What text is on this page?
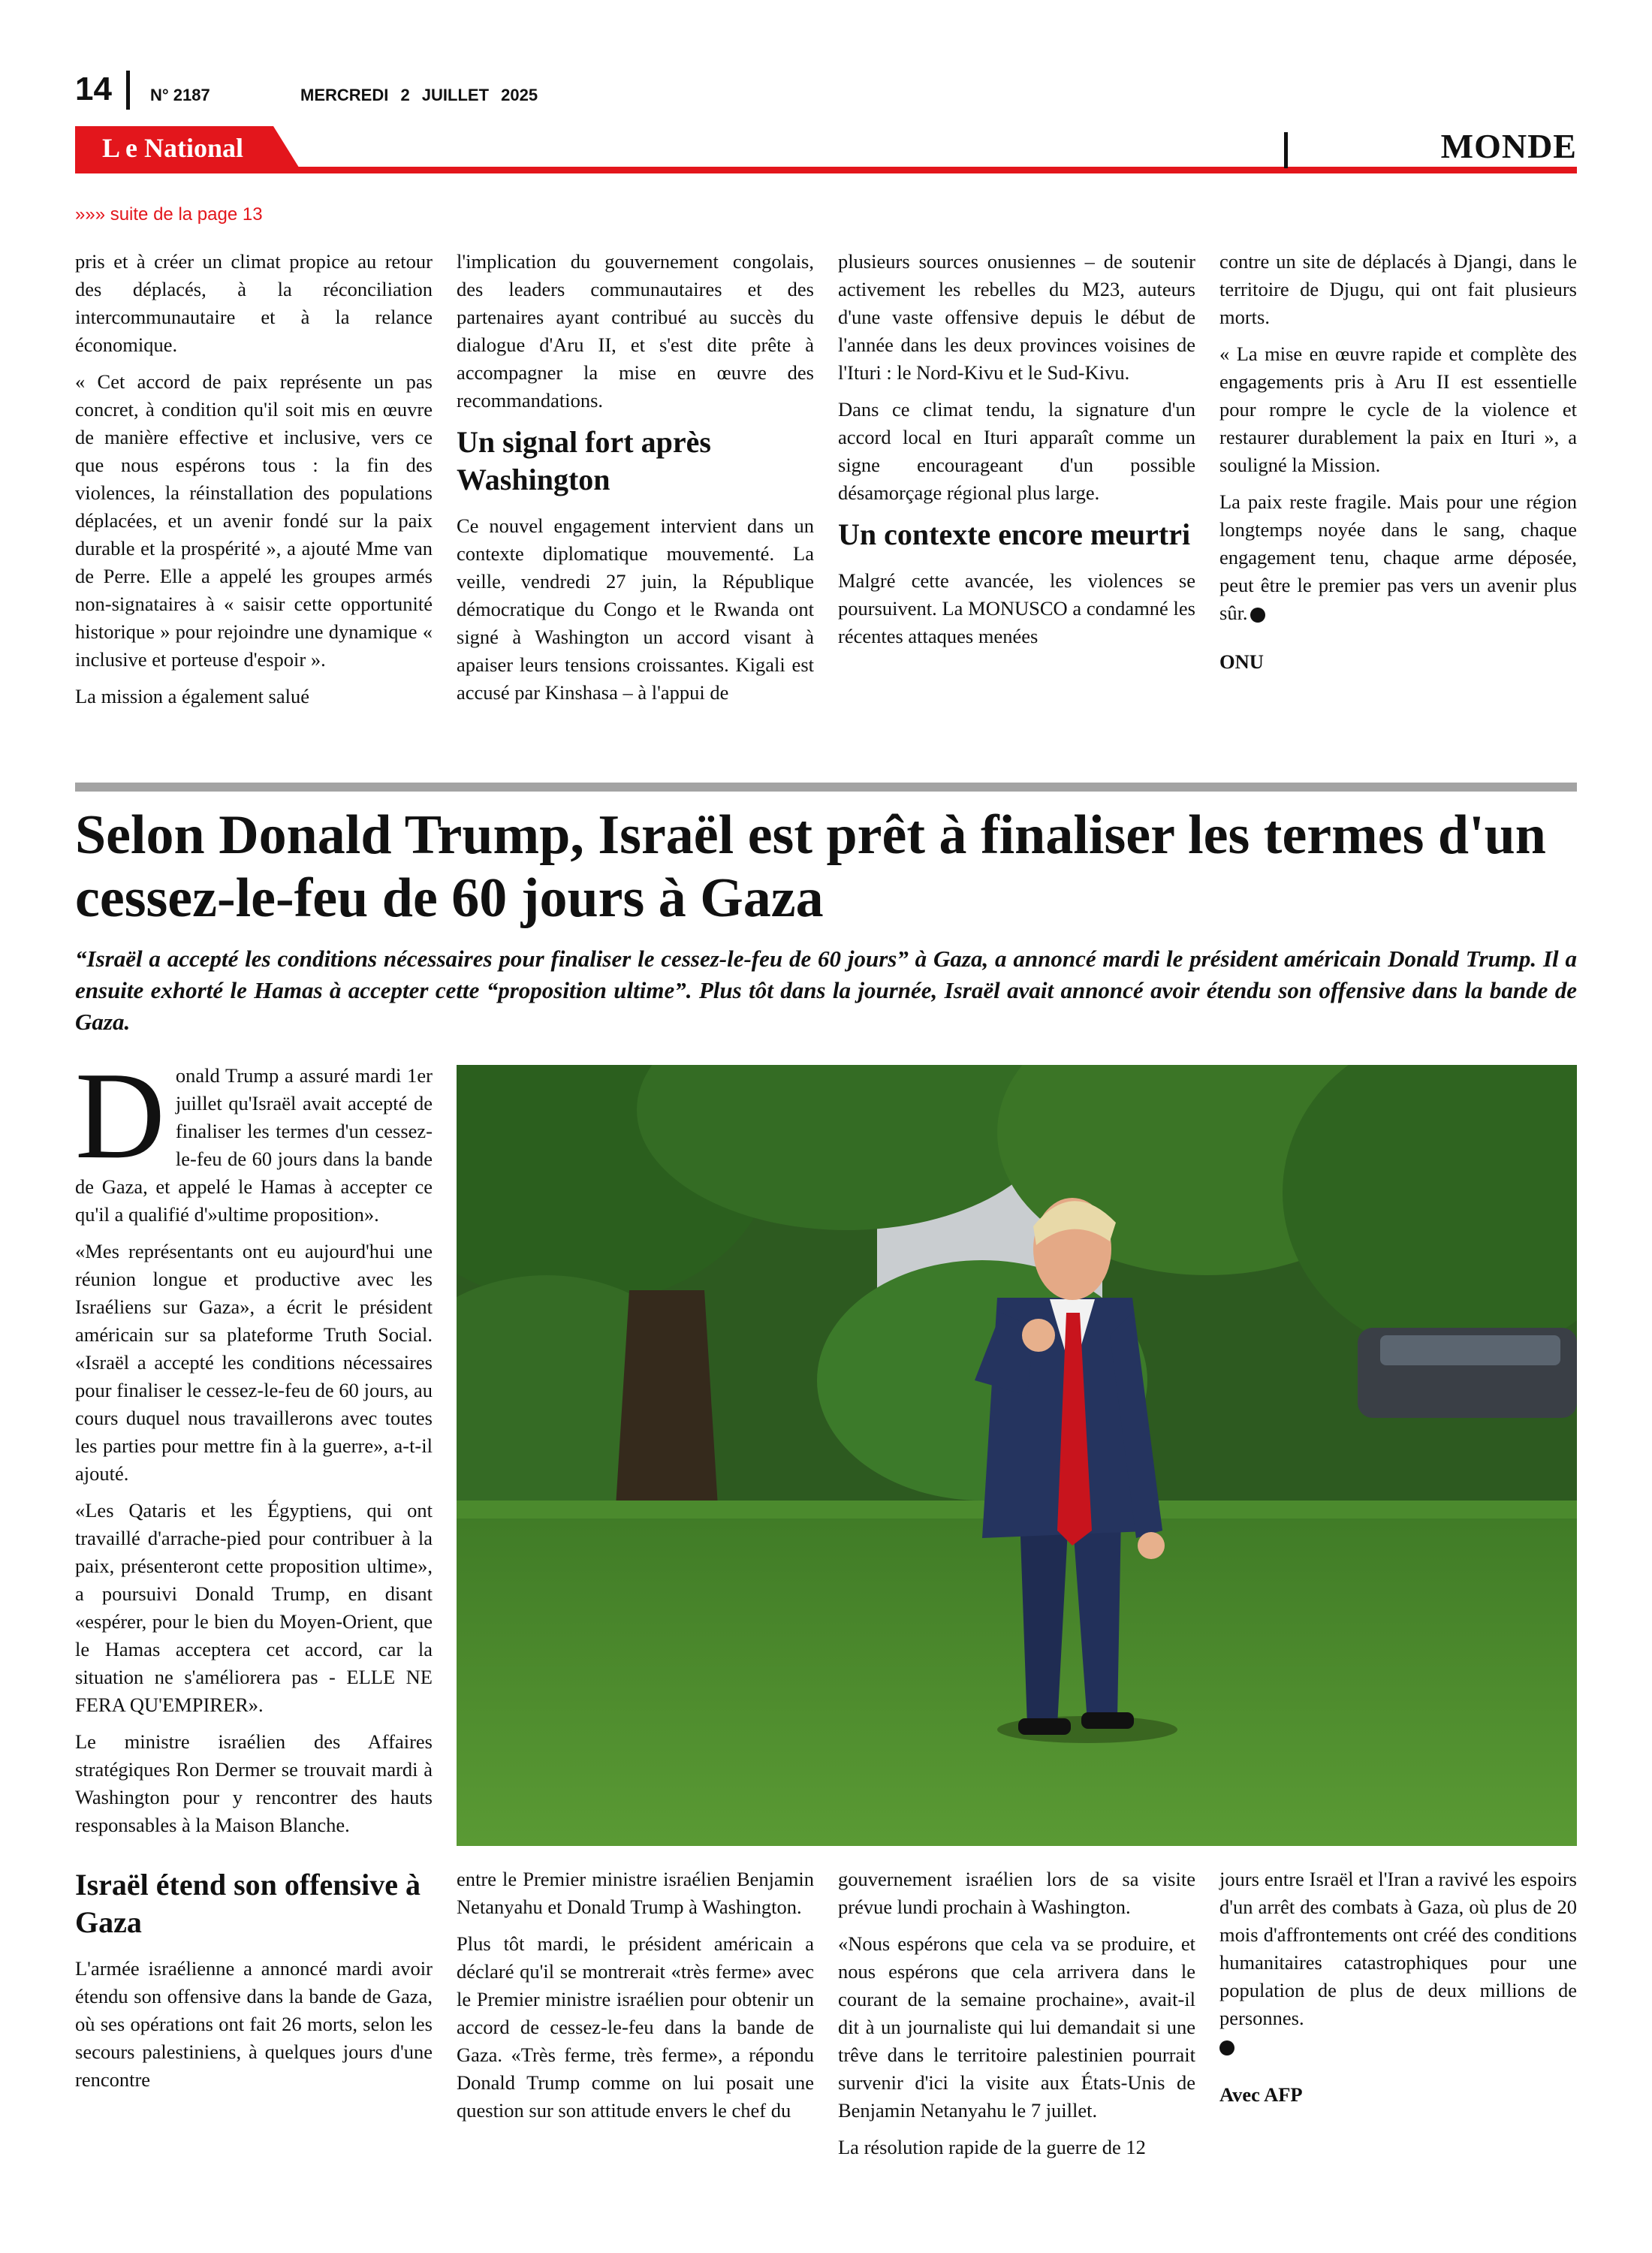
14 N° 2187	MERCREDI 2 JUILLET 2025
L e National	MONDE
»»» suite de la page 13

pris et à créer un climat propice au retour des déplacés, à la réconciliation intercommunautaire et à la relance économique.

« Cet accord de paix représente un pas concret, à condition qu'il soit mis en œuvre de manière effective et inclusive, vers ce que nous espérons tous : la fin des violences, la réinstallation des populations déplacées, et un avenir fondé sur la paix durable et la prospérité », a ajouté Mme van de Perre. Elle a appelé les groupes armés non-signataires à « saisir cette opportunité historique » pour rejoindre une dynamique « inclusive et porteuse d'espoir ».

La mission a également salué

l'implication du gouvernement congolais, des leaders communautaires et des partenaires ayant contribué au succès du dialogue d'Aru II, et s'est dite prête à accompagner la mise en œuvre des recommandations.

Un signal fort après Washington

Ce nouvel engagement intervient dans un contexte diplomatique mouvementé. La veille, vendredi 27 juin, la République démocratique du Congo et le Rwanda ont signé à Washington un accord visant à apaiser leurs tensions croissantes. Kigali est accusé par Kinshasa – à l'appui de

plusieurs sources onusiennes – de soutenir activement les rebelles du M23, auteurs d'une vaste offensive depuis le début de l'année dans les deux provinces voisines de l'Ituri : le Nord-Kivu et le Sud-Kivu.

Dans ce climat tendu, la signature d'un accord local en Ituri apparaît comme un signe encourageant d'un possible désamorçage régional plus large.

Un contexte encore meurtri

Malgré cette avancée, les violences se poursuivent. La MONUSCO a condamné les récentes attaques menées

contre un site de déplacés à Djangi, dans le territoire de Djugu, qui ont fait plusieurs morts.

« La mise en œuvre rapide et complète des engagements pris à Aru II est essentielle pour rompre le cycle de la violence et restaurer durablement la paix en Ituri », a souligné la Mission.

La paix reste fragile. Mais pour une région longtemps noyée dans le sang, chaque engagement tenu, chaque arme déposée, peut être le premier pas vers un avenir plus sûr.

ONU

Selon Donald Trump, Israël est prêt à finaliser les termes d'un cessez-le-feu de 60 jours à Gaza
“Israël a accepté les conditions nécessaires pour finaliser le cessez-le-feu de 60 jours” à Gaza, a annoncé mardi le président américain Donald Trump. Il a ensuite exhorté le Hamas à accepter cette “proposition ultime”. Plus tôt dans la journée, Israël avait annoncé avoir étendu son offensive dans la bande de Gaza.

Donald Trump a assuré mardi 1er juillet qu'Israël avait accepté de finaliser les termes d'un cessez-le-feu de 60 jours dans la bande de Gaza, et appelé le Hamas à accepter ce qu'il a qualifié d'»ultime proposition».

«Mes représentants ont eu aujourd'hui une réunion longue et productive avec les Israéliens sur Gaza», a écrit le président américain sur sa plateforme Truth Social. «Israël a accepté les conditions nécessaires pour finaliser le cessez-le-feu de 60 jours, au cours duquel nous travaillerons avec toutes les parties pour mettre fin à la guerre», a-t-il ajouté.

«Les Qataris et les Égyptiens, qui ont travaillé d'arrache-pied pour contribuer à la paix, présenteront cette proposition ultime», a poursuivi Donald Trump, en disant «espérer, pour le bien du Moyen-Orient, que le Hamas acceptera cet accord, car la situation ne s'améliorera pas - ELLE NE FERA QU'EMPIRER».

Le ministre israélien des Affaires stratégiques Ron Dermer se trouvait mardi à Washington pour y rencontrer des hauts responsables à la Maison Blanche.

Israël étend son offensive à Gaza

L'armée israélienne a annoncé mardi avoir étendu son offensive dans la bande de Gaza, où ses opérations ont fait 26 morts, selon les secours palestiniens, à quelques jours d'une rencontre

entre le Premier ministre israélien Benjamin Netanyahu et Donald Trump à Washington.

Plus tôt mardi, le président américain a déclaré qu'il se montrerait «très ferme» avec le Premier ministre israélien pour obtenir un accord de cessez-le-feu dans la bande de Gaza. «Très ferme, très ferme», a répondu Donald Trump comme on lui posait une question sur son attitude envers le chef du

gouvernement israélien lors de sa visite prévue lundi prochain à Washington.

«Nous espérons que cela va se produire, et nous espérons que cela arrivera dans le courant de la semaine prochaine», avait-il dit à un journaliste qui lui demandait si une trêve dans le territoire palestinien pourrait survenir d'ici la visite aux États-Unis de Benjamin Netanyahu le 7 juillet.

La résolution rapide de la guerre de 12

jours entre Israël et l'Iran a ravivé les espoirs d'un arrêt des combats à Gaza, où plus de 20 mois d'affrontements ont créé des conditions humanitaires catastrophiques pour une population de plus de deux millions de personnes.

Avec AFP
